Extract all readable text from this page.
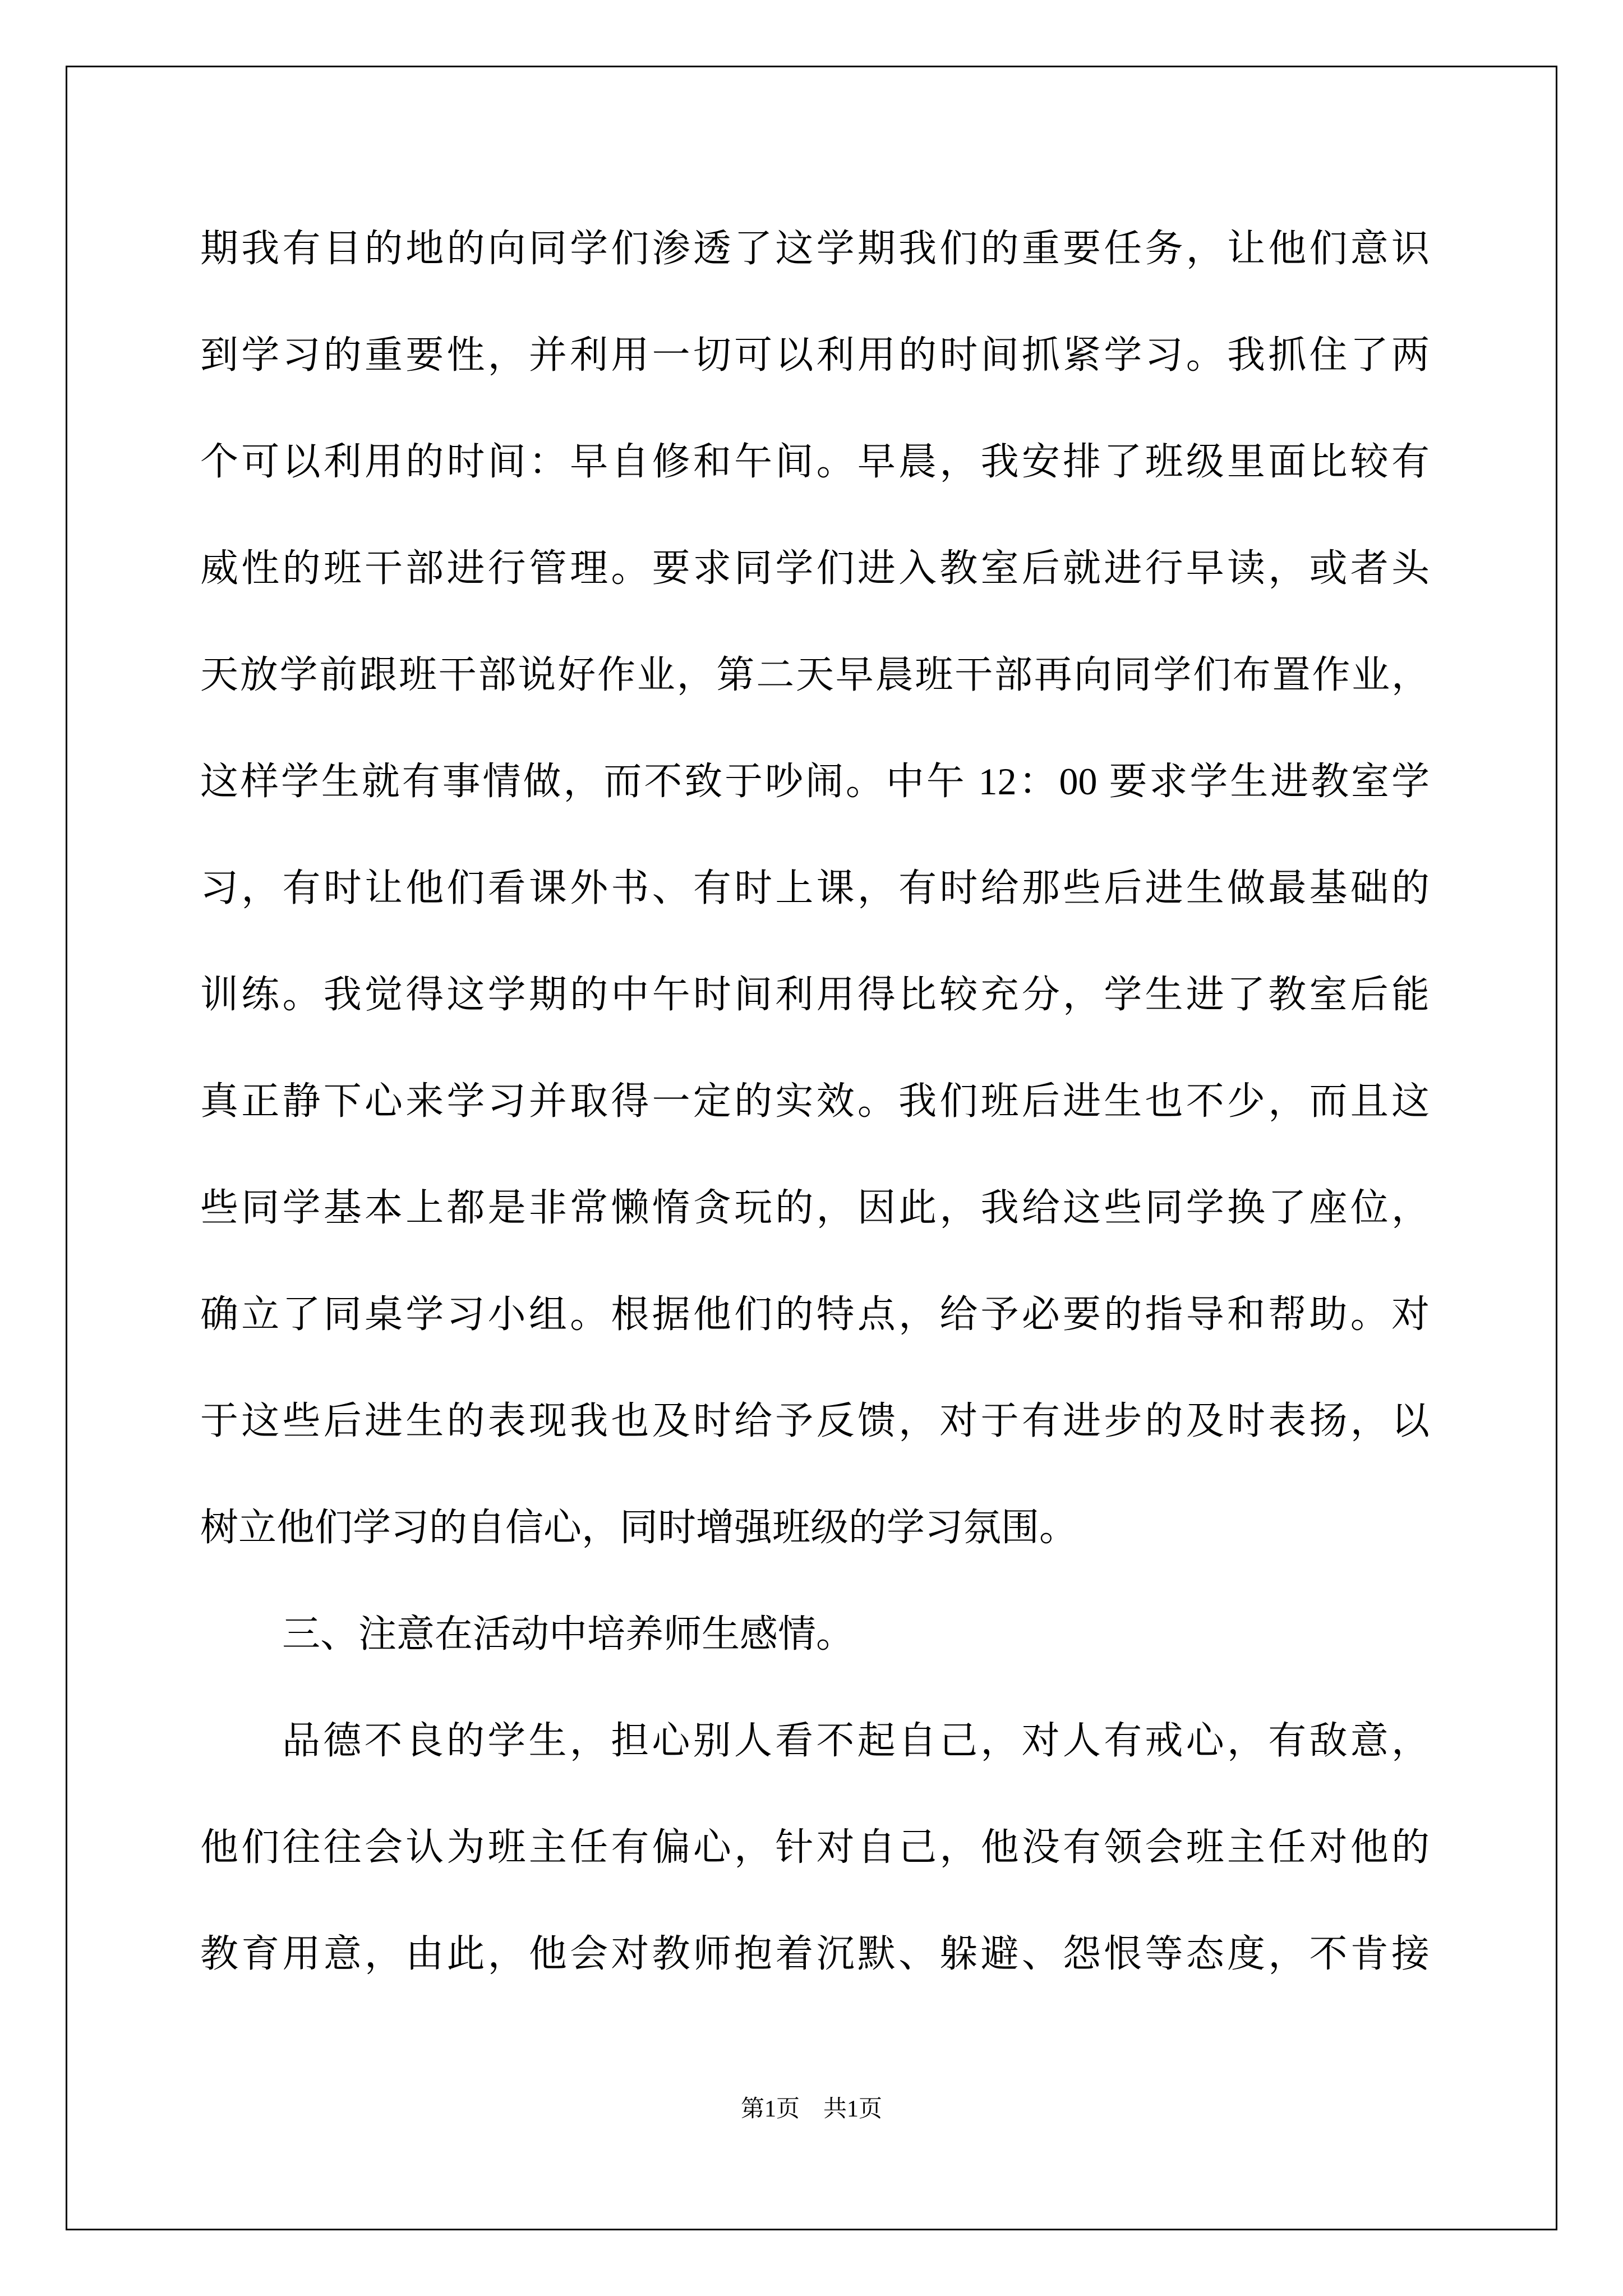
期我有目的地的向同学们渗透了这学期我们的重要任务，让他们意识
到学习的重要性，并利用一切可以利用的时间抓紧学习。我抓住了两
个可以利用的时间：早自修和午间。早晨，我安排了班级里面比较有
威性的班干部进行管理。要求同学们进入教室后就进行早读，或者头
天放学前跟班干部说好作业，第二天早晨班干部再向同学们布置作业，
这样学生就有事情做，而不致于吵闹。中午 12：00 要求学生进教室学
习，有时让他们看课外书、有时上课，有时给那些后进生做最基础的
训练。我觉得这学期的中午时间利用得比较充分，学生进了教室后能
真正静下心来学习并取得一定的实效。我们班后进生也不少，而且这
些同学基本上都是非常懒惰贪玩的，因此，我给这些同学换了座位，
确立了同桌学习小组。根据他们的特点，给予必要的指导和帮助。对
于这些后进生的表现我也及时给予反馈，对于有进步的及时表扬，以
树立他们学习的自信心，同时增强班级的学习氛围。
三、注意在活动中培养师生感情。
品德不良的学生，担心别人看不起自己，对人有戒心，有敌意，
他们往往会认为班主任有偏心，针对自己，他没有领会班主任对他的
教育用意，由此，他会对教师抱着沉默、躲避、怨恨等态度，不肯接
第1页　共1页
